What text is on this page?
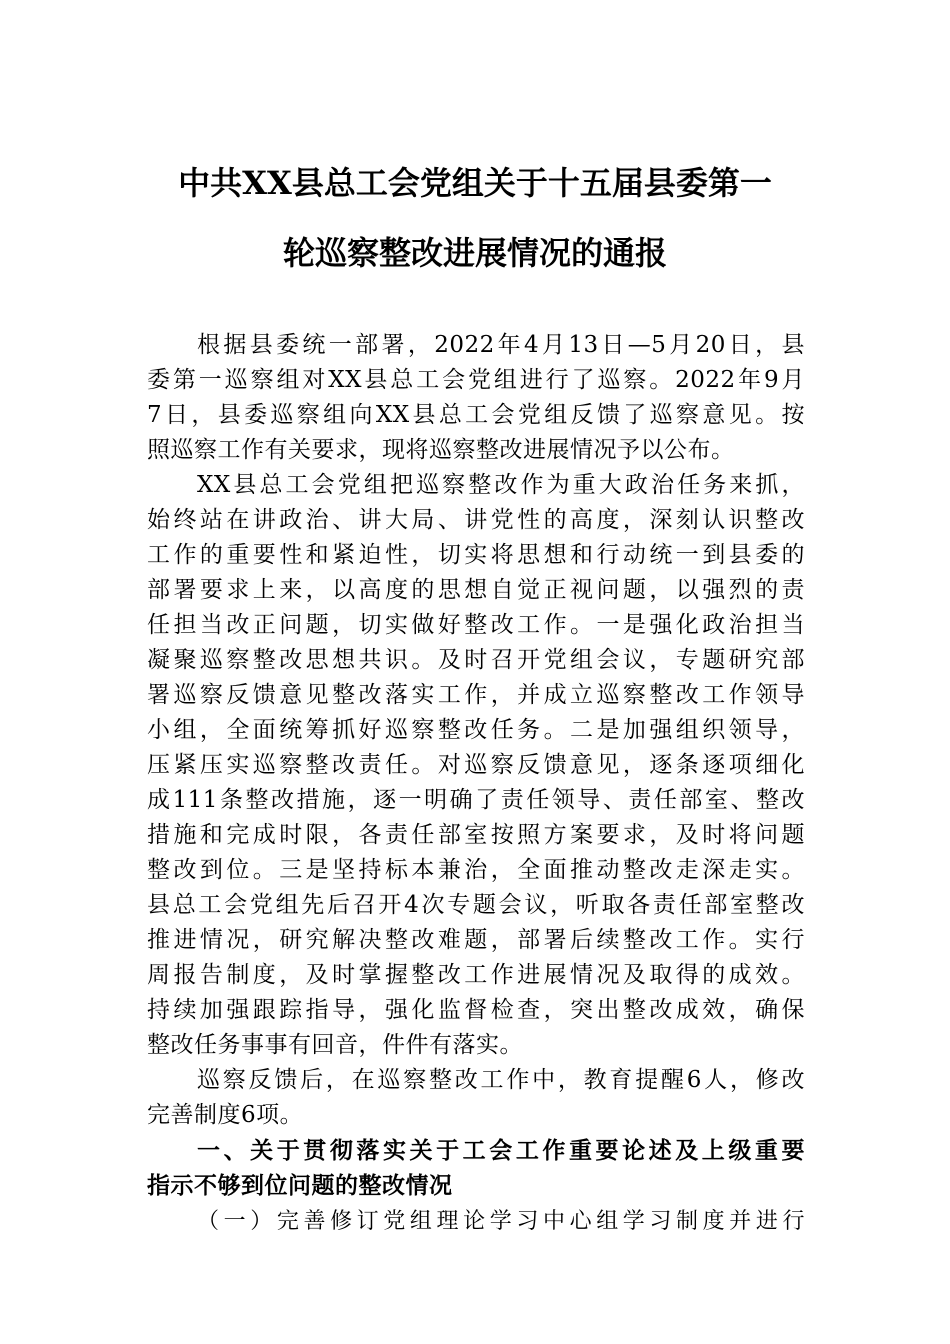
中共XX县总工会党组关于十五届县委第一
轮巡察整改进展情况的通报
根据县委统一部署，2022年4月13日—5月20日，县
委第一巡察组对XX县总工会党组进行了巡察。2022年9月
7日，县委巡察组向XX县总工会党组反馈了巡察意见。按
照巡察工作有关要求，现将巡察整改进展情况予以公布。
XX县总工会党组把巡察整改作为重大政治任务来抓，
始终站在讲政治、讲大局、讲党性的高度，深刻认识整改
工作的重要性和紧迫性，切实将思想和行动统一到县委的
部署要求上来，以高度的思想自觉正视问题，以强烈的责
任担当改正问题，切实做好整改工作。一是强化政治担当
凝聚巡察整改思想共识。及时召开党组会议，专题研究部
署巡察反馈意见整改落实工作，并成立巡察整改工作领导
小组，全面统筹抓好巡察整改任务。二是加强组织领导，
压紧压实巡察整改责任。对巡察反馈意见，逐条逐项细化
成111条整改措施，逐一明确了责任领导、责任部室、整改
措施和完成时限，各责任部室按照方案要求，及时将问题
整改到位。三是坚持标本兼治，全面推动整改走深走实。
县总工会党组先后召开4次专题会议，听取各责任部室整改
推进情况，研究解决整改难题，部署后续整改工作。实行
周报告制度，及时掌握整改工作进展情况及取得的成效。
持续加强跟踪指导，强化监督检查，突出整改成效，确保
整改任务事事有回音，件件有落实。
巡察反馈后，在巡察整改工作中，教育提醒6人，修改
完善制度6项。
一、关于贯彻落实关于工会工作重要论述及上级重要
指示不够到位问题的整改情况
（一）完善修订党组理论学习中心组学习制度并进行
